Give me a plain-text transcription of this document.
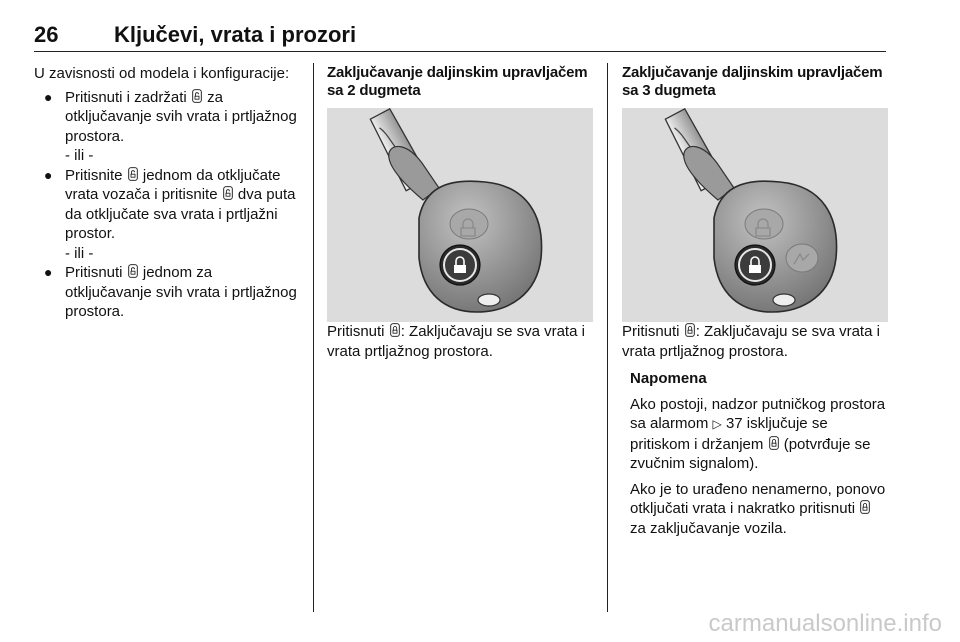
26	Ključevi, vrata i prozori

U zavisnosti od modela i konfiguracije:

● Pritisnuti i zadržati za otključavanje svih vrata i prtljažnog prostora.

- ili -

● Pritisnite jednom da otključate vrata vozača i pritisnite dva puta da otključate sva vrata i prtljažni prostor.

- ili -

● Pritisnuti jednom za otključavanje svih vrata i prtljažnog prostora.

Zaključavanje daljinskim upravljačem sa 2 dugmeta

Pritisnuti : Zaključavaju se sva vrata i vrata prtljažnog prostora.

Zaključavanje daljinskim upravljačem sa 3 dugmeta

Pritisnuti : Zaključavaju se sva vrata i vrata prtljažnog prostora.

Napomena

Ako postoji, nadzor putničkog prostora sa alarmom ▷ 37 isključuje se pritiskom i držanjem (potvrđuje se zvučnim signalom).

Ako je to urađeno nenamerno, ponovo otključati vrata i nakratko pritisnuti  za zaključavanje vozila.

carmanualsonline.info
